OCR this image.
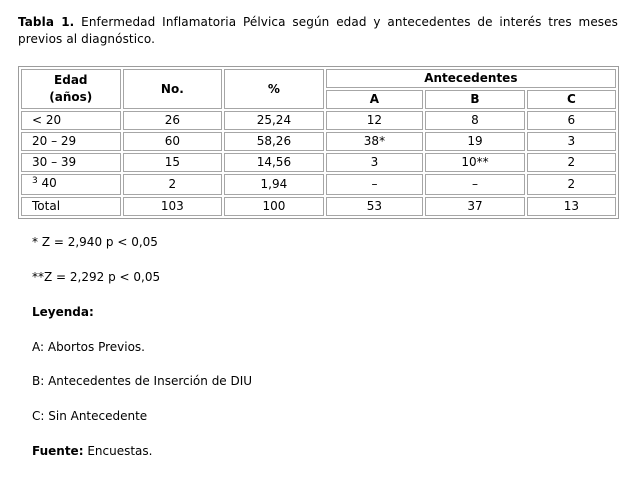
Tabla 1. Enfermedad Inflamatoria Pélvica según edad y antecedentes de interés tres meses previos al diagnóstico.
Edad
(años)	No.	%	Antecedentes		
			A	B	C
< 20	26	25,24	12	8	6
20 – 29	60	58,26	38*	19	3
30 – 39	15	14,56	3	10**	2
$^3$ 40	2	1,94	–	–	2
Total	103	100	53	37	13
* Z = 2,940 p < 0,05
**Z = 2,292 p < 0,05
Leyenda:
A: Abortos Previos.
B: Antecedentes de Inserción de DIU
C: Sin Antecedente
Fuente: Encuestas.
